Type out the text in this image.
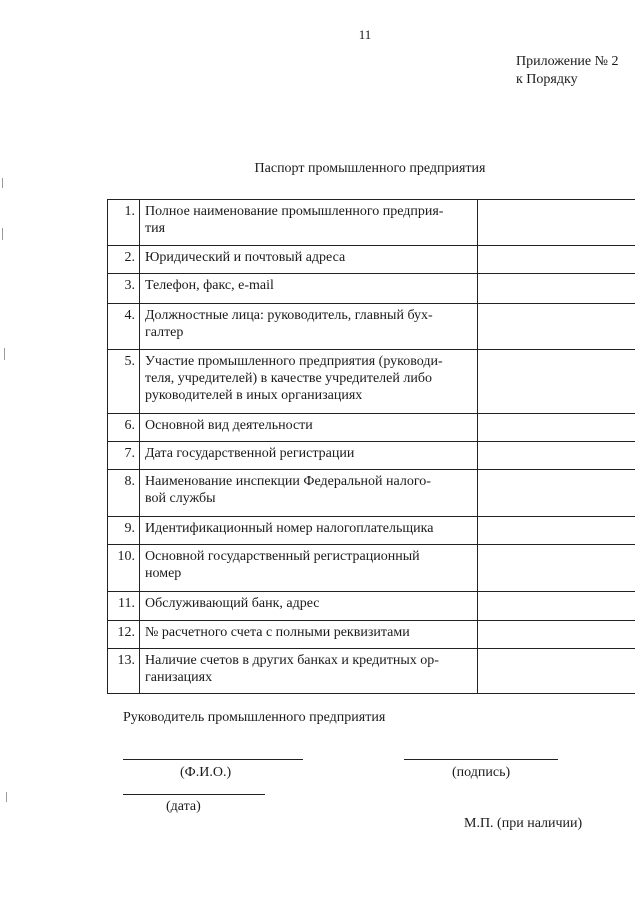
11
Приложение № 2
к Порядку
Паспорт промышленного предприятия
1.	Полное наименование промышленного предприя-
тия	
2.	Юридический и почтовый адреса	
3.	Телефон, факс, e-mail	
4.	Должностные лица: руководитель, главный бух-
галтер	
5.	Участие промышленного предприятия (руководи-
теля, учредителей) в качестве учредителей либо
руководителей в иных организациях	
6.	Основной вид деятельности	
7.	Дата государственной регистрации	
8.	Наименование инспекции Федеральной налого-
вой службы	
9.	Идентификационный номер налогоплательщика	
10.	Основной государственный регистрационный
номер	
11.	Обслуживающий банк, адрес	
12.	№ расчетного счета с полными реквизитами	
13.	Наличие счетов в других банках и кредитных ор-
ганизациях	
Руководитель промышленного предприятия
(Ф.И.О.)	(подпись)
(дата)
М.П. (при наличии)
